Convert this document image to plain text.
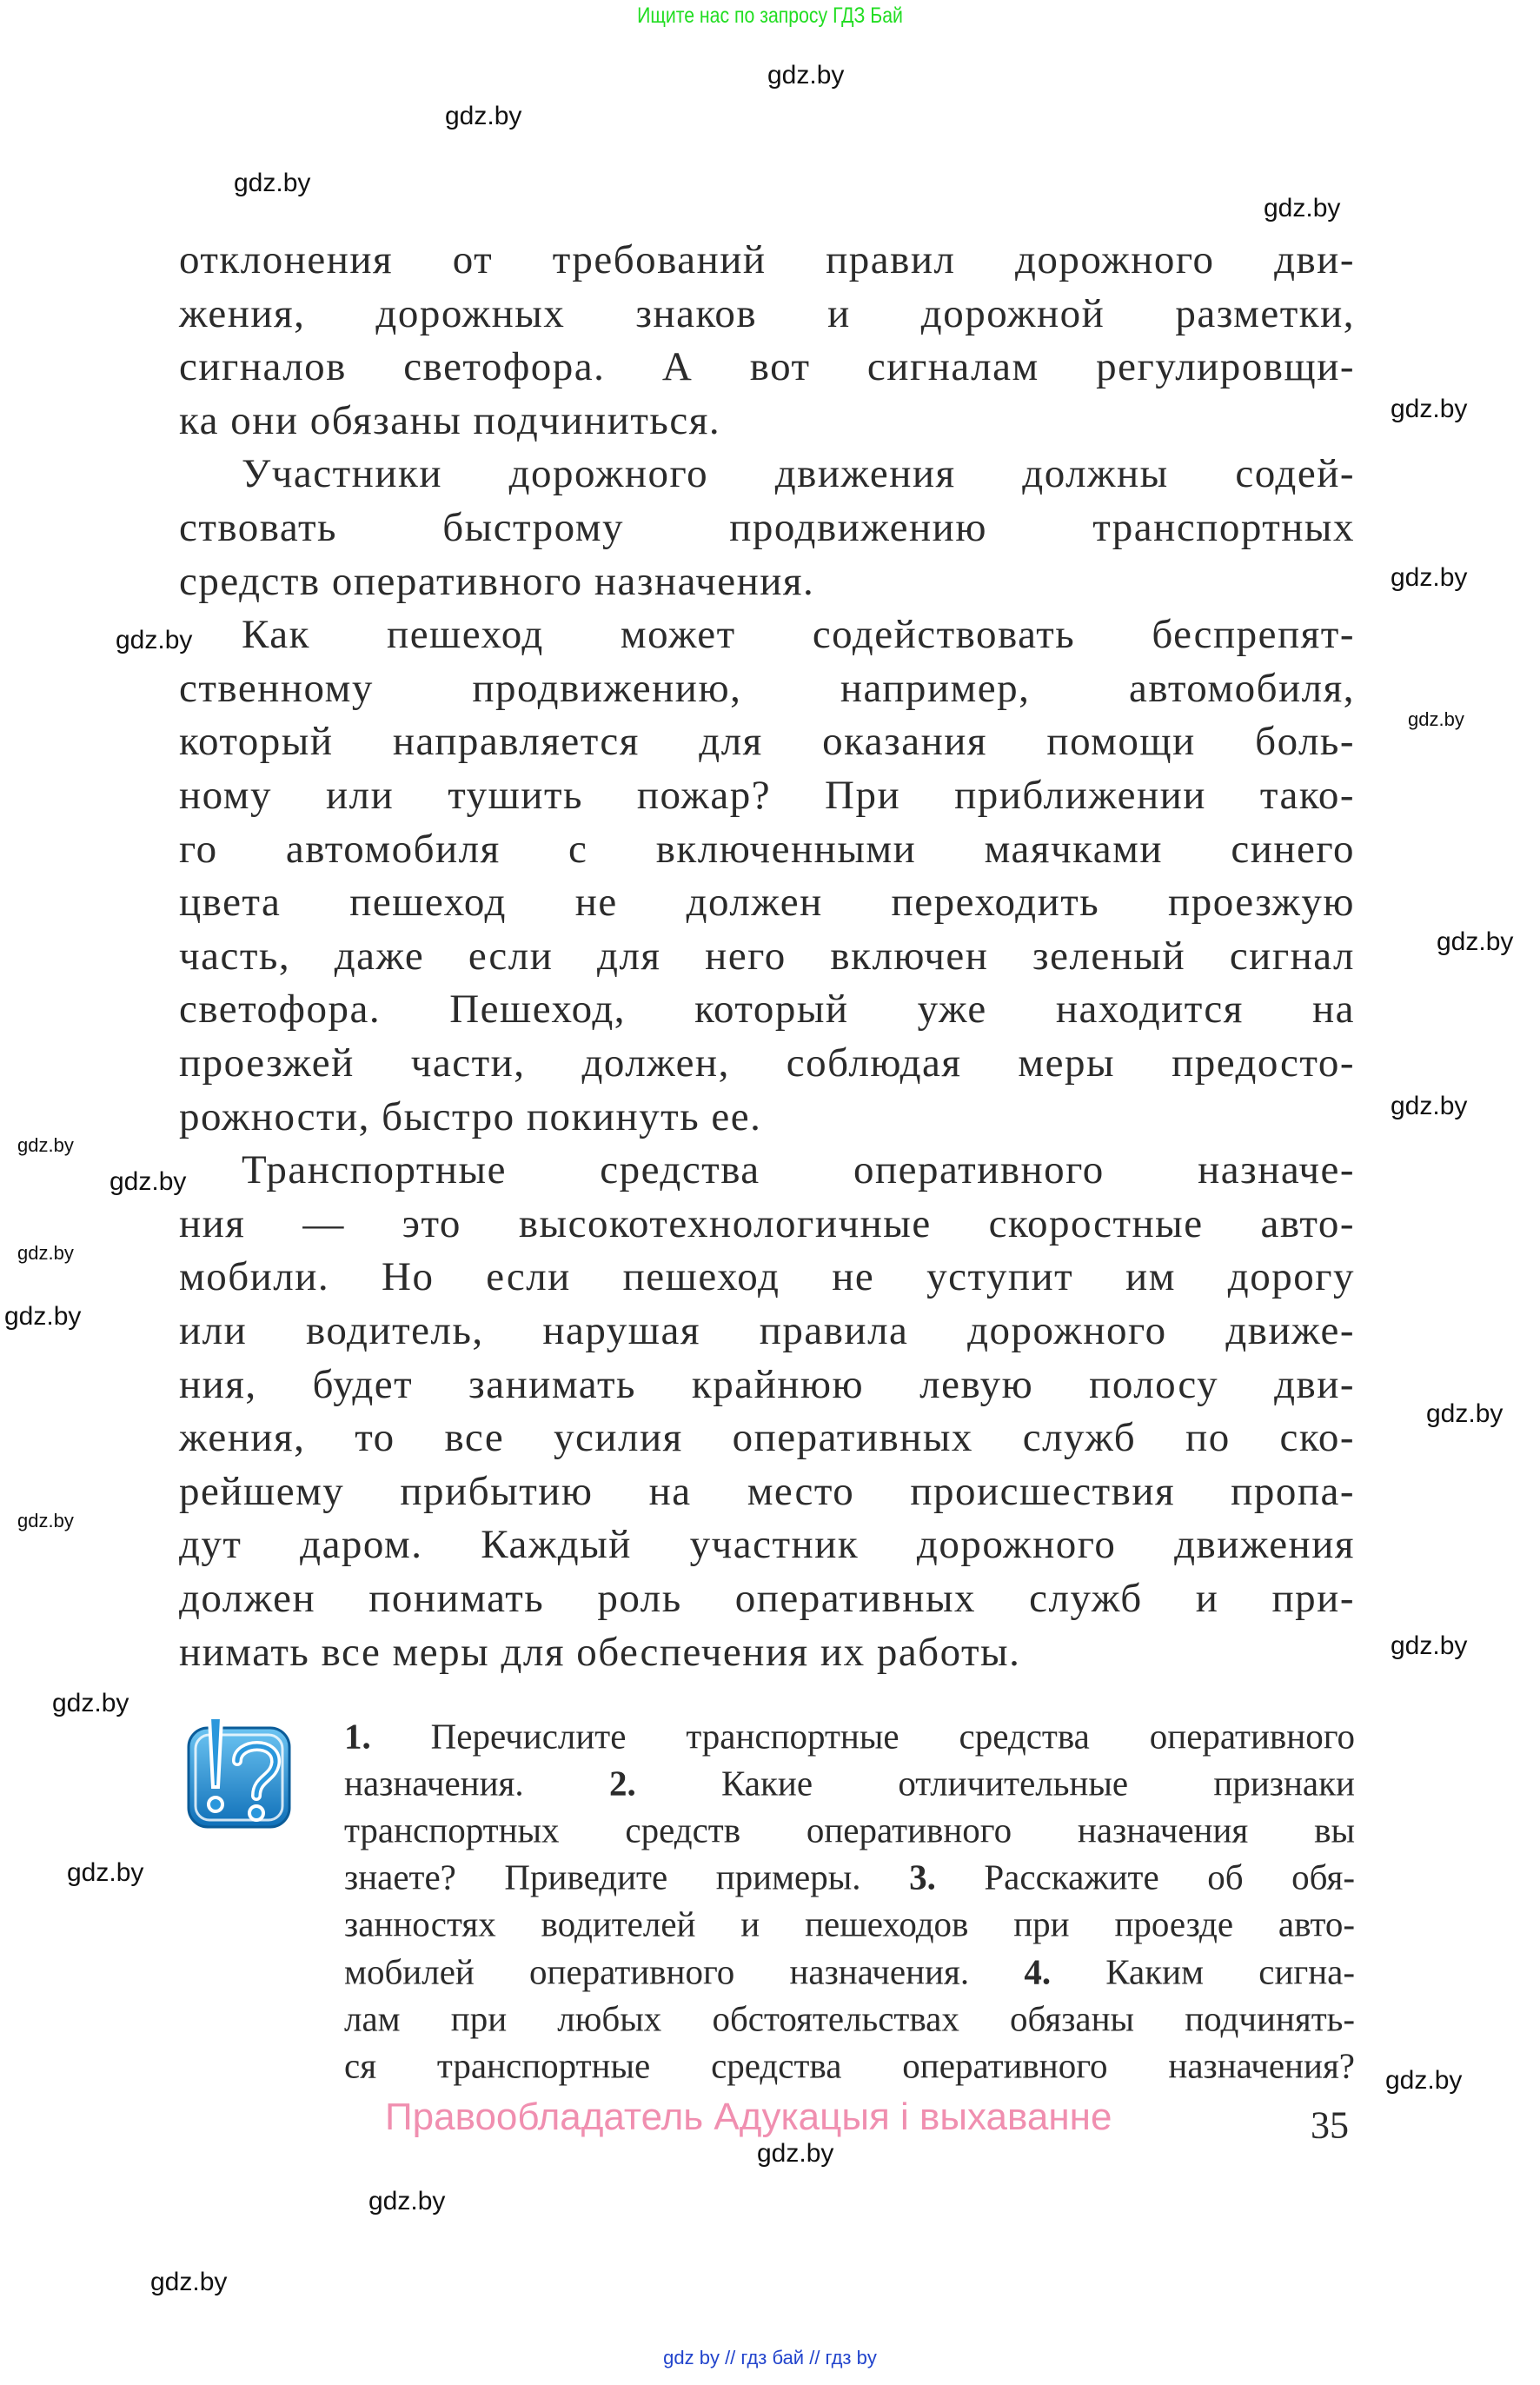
Ищите нас по запросу ГДЗ Бай
gdz.by
gdz.by
gdz.by
gdz.by
gdz.by
gdz.by
gdz.by
gdz.by
gdz.by
gdz.by
gdz.by
gdz.by
gdz.by
gdz.by
gdz.by
gdz.by
gdz.by
gdz.by
gdz.by
gdz.by
gdz.by
gdz.by
gdz.by
отклонения от требований правил дорожного дви-
жения, дорожных знаков и дорожной разметки,
сигналов светофора. А вот сигналам регулировщи-
ка они обязаны подчиниться.
Участники дорожного движения должны содей-
ствовать быстрому продвижению транспортных
средств оперативного назначения.
Как пешеход может содействовать беспрепят-
ственному продвижению, например, автомобиля,
который направляется для оказания помощи боль-
ному или тушить пожар? При приближении тако-
го автомобиля с включенными маячками синего
цвета пешеход не должен переходить проезжую
часть, даже если для него включен зеленый сигнал
светофора. Пешеход, который уже находится на
проезжей части, должен, соблюдая меры предосто-
рожности, быстро покинуть ее.
Транспортные средства оперативного назначе-
ния — это высокотехнологичные скоростные авто-
мобили. Но если пешеход не уступит им дорогу
или водитель, нарушая правила дорожного движе-
ния, будет занимать крайнюю левую полосу дви-
жения, то все усилия оперативных служб по ско-
рейшему прибытию на место происшествия пропа-
дут даром. Каждый участник дорожного движения
должен понимать роль оперативных служб и при-
нимать все меры для обеспечения их работы.
1. Перечислите транспортные средства оперативного
назначения. 2. Какие отличительные признаки
транспортных средств оперативного назначения вы
знаете? Приведите примеры. 3. Расскажите об обя-
занностях водителей и пешеходов при проезде авто-
мобилей оперативного назначения. 4. Каким сигна-
лам при любых обстоятельствах обязаны подчинять-
ся транспортные средства оперативного назначения?
Правообладатель Адукацыя і выхаванне	35
gdz by // гдз бай // гдз by
